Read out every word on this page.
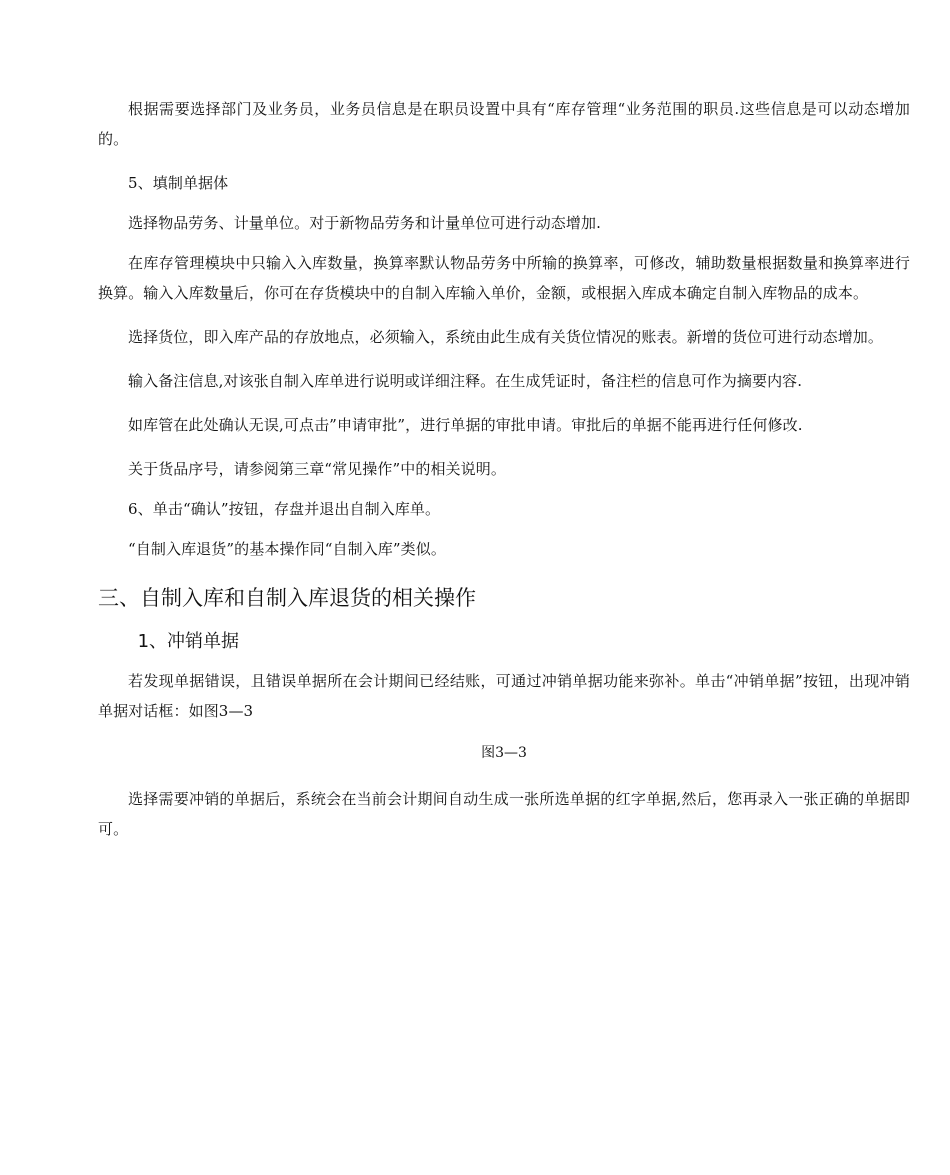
根据需要选择部门及业务员，业务员信息是在职员设置中具有“库存管理“业务范围的职员.这些信息是可以动态增加的。

5、填制单据体

选择物品劳务、计量单位。对于新物品劳务和计量单位可进行动态增加.

在库存管理模块中只输入入库数量，换算率默认物品劳务中所输的换算率，可修改，辅助数量根据数量和换算率进行换算。输入入库数量后，你可在存货模块中的自制入库输入单价，金额，或根据入库成本确定自制入库物品的成本。

选择货位，即入库产品的存放地点，必须输入，系统由此生成有关货位情况的账表。新增的货位可进行动态增加。

输入备注信息,对该张自制入库单进行说明或详细注释。在生成凭证时，备注栏的信息可作为摘要内容.

如库管在此处确认无误,可点击”申请审批”，进行单据的审批申请。审批后的单据不能再进行任何修改.

关于货品序号，请参阅第三章“常见操作”中的相关说明。

6、单击“确认”按钮，存盘并退出自制入库单。

“自制入库退货”的基本操作同“自制入库”类似。

三、自制入库和自制入库退货的相关操作
1、冲销单据

若发现单据错误，且错误单据所在会计期间已经结账，可通过冲销单据功能来弥补。单击“冲销单据”按钮，出现冲销单据对话框：如图3—3

图3—3

选择需要冲销的单据后，系统会在当前会计期间自动生成一张所选单据的红字单据,然后，您再录入一张正确的单据即可。
